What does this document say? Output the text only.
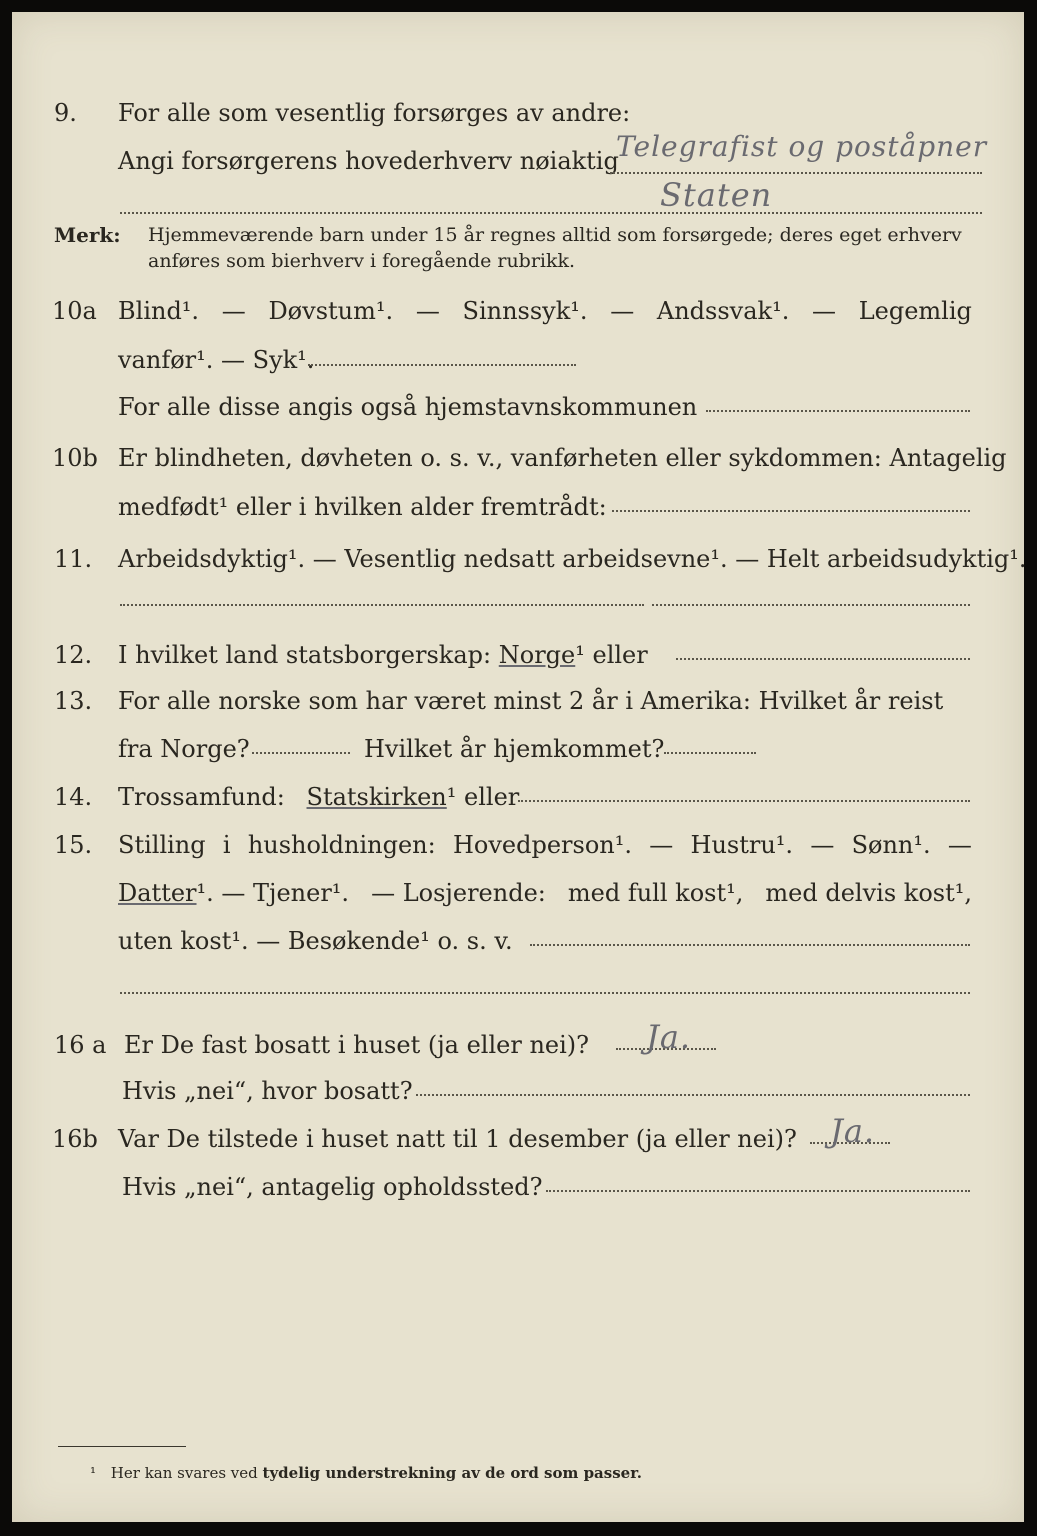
9. For alle som vesentlig forsørges av andre:
Angi forsørgerens hovederhverv nøiaktig
Telegrafist og poståpner
Staten
Merk: Hjemmeværende barn under 15 år regnes alltid som forsørgede; deres eget erhverv
anføres som bierhverv i foregående rubrikk.
10a Blind¹. — Døvstum¹. — Sinnssyk¹. — Andssvak¹. — Legemlig
vanfør¹. — Syk¹.
For alle disse angis også hjemstavnskommunen
10b Er blindheten, døvheten o. s. v., vanførheten eller sykdommen: Antagelig
medfødt¹ eller i hvilken alder fremtrådt:
11. Arbeidsdyktig¹. — Vesentlig nedsatt arbeidsevne¹. — Helt arbeidsudyktig¹.
12. I hvilket land statsborgerskap: Norge¹ eller
13. For alle norske som har været minst 2 år i Amerika: Hvilket år reist
fra Norge?	Hvilket år hjemkommet?
14. Trossamfund: Statskirken¹ eller
15. Stilling i husholdningen: Hovedperson¹. — Hustru¹. — Sønn¹. —
Datter¹. — Tjener¹. — Losjerende: med full kost¹, med delvis kost¹,
uten kost¹. — Besøkende¹ o. s. v.
16 a Er De fast bosatt i huset (ja eller nei)? Ja.
Hvis „nei“, hvor bosatt?
16b Var De tilstede i huset natt til 1 desember (ja eller nei)? Ja.
Hvis „nei“, antagelig opholdssted?
¹ Her kan svares ved tydelig understrekning av de ord som passer.
